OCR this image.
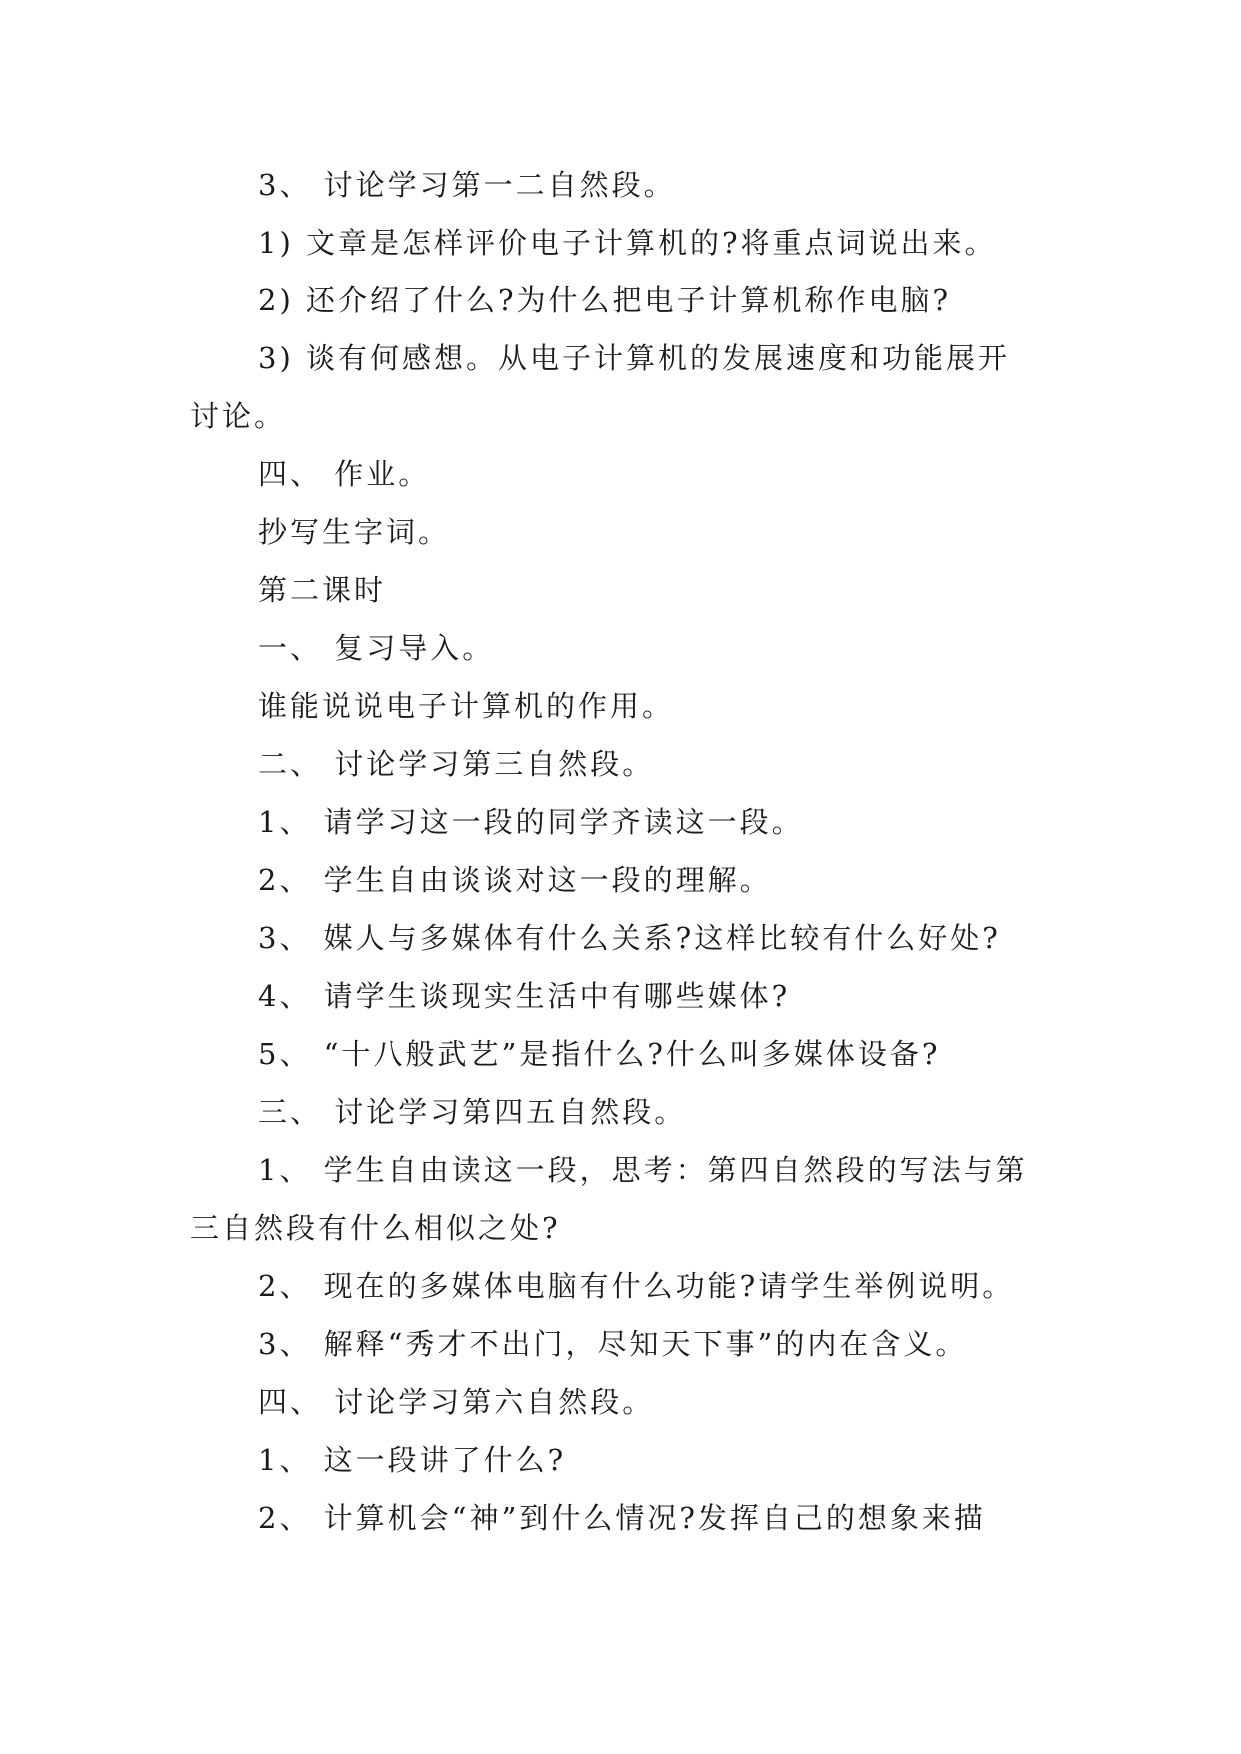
3、 讨论学习第一二自然段。
1) 文章是怎样评价电子计算机的?将重点词说出来。
2) 还介绍了什么?为什么把电子计算机称作电脑?
3) 谈有何感想。从电子计算机的发展速度和功能展开
讨论。
四、 作业。
抄写生字词。
第二课时
一、 复习导入。
谁能说说电子计算机的作用。
二、 讨论学习第三自然段。
1、 请学习这一段的同学齐读这一段。
2、 学生自由谈谈对这一段的理解。
3、 媒人与多媒体有什么关系?这样比较有什么好处?
4、 请学生谈现实生活中有哪些媒体?
5、 “十八般武艺”是指什么?什么叫多媒体设备?
三、 讨论学习第四五自然段。
1、 学生自由读这一段，思考：第四自然段的写法与第
三自然段有什么相似之处?
2、 现在的多媒体电脑有什么功能?请学生举例说明。
3、 解释“秀才不出门，尽知天下事”的内在含义。
四、 讨论学习第六自然段。
1、 这一段讲了什么?
2、 计算机会“神”到什么情况?发挥自己的想象来描
